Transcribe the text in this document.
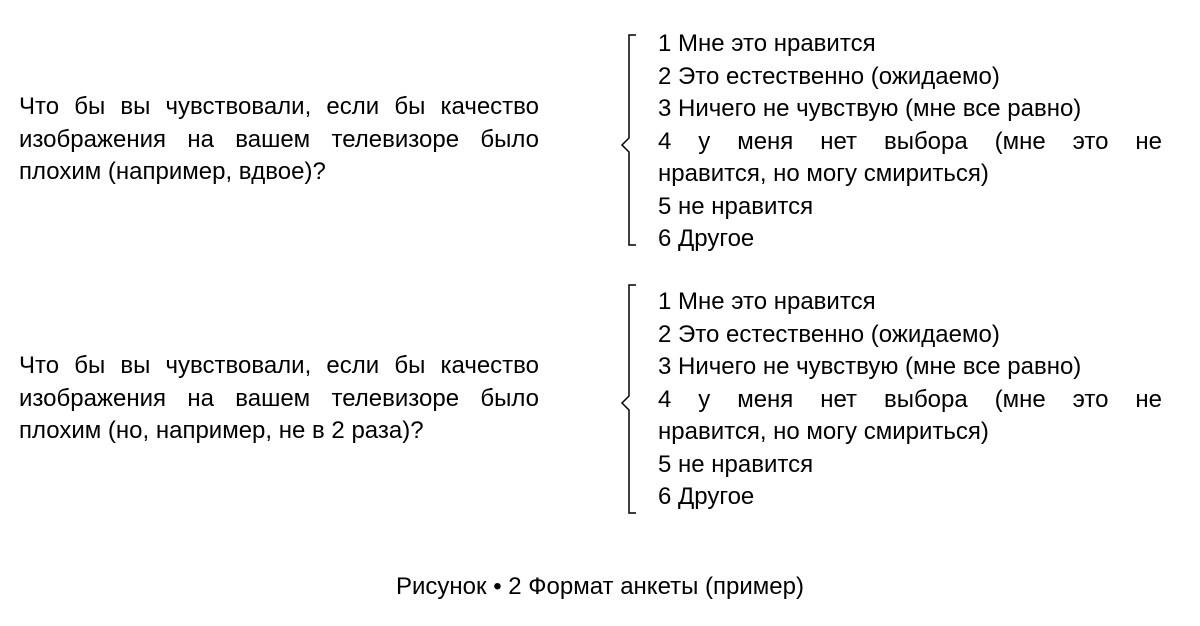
Что бы вы чувствовали, если бы качество изображения на вашем телевизоре было плохим (например, вдвое)?
1 Мне это нравится
2 Это естественно (ожидаемо)
3 Ничего не чувствую (мне все равно)
4 у меня нет выбора (мне это не
нравится, но могу смириться)
5 не нравится
6 Другое
Что бы вы чувствовали, если бы качество изображения на вашем телевизоре было плохим (но, например, не в 2 раза)?
1 Мне это нравится
2 Это естественно (ожидаемо)
3 Ничего не чувствую (мне все равно)
4 у меня нет выбора (мне это не
нравится, но могу смириться)
5 не нравится
6 Другое
Рисунок • 2 Формат анкеты (пример)
